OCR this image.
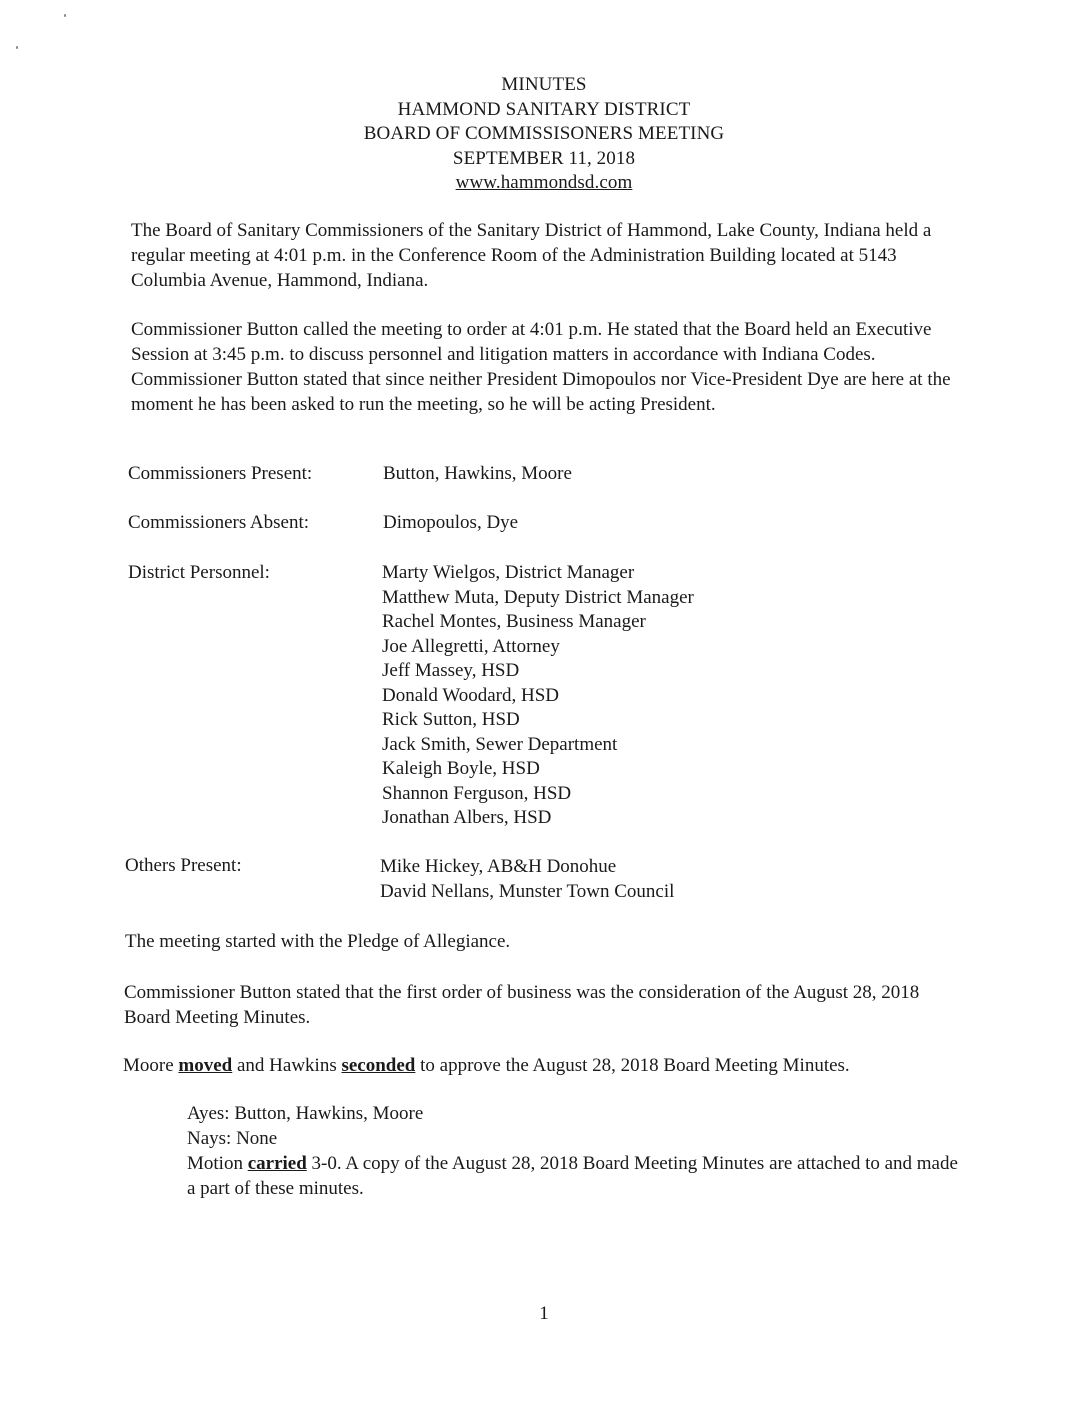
MINUTES
HAMMOND SANITARY DISTRICT
BOARD OF COMMISSISONERS MEETING
SEPTEMBER 11, 2018
www.hammondsd.com

The Board of Sanitary Commissioners of the Sanitary District of Hammond, Lake County, Indiana held a regular meeting at 4:01 p.m. in the Conference Room of the Administration Building located at 5143 Columbia Avenue, Hammond, Indiana.

Commissioner Button called the meeting to order at 4:01 p.m. He stated that the Board held an Executive Session at 3:45 p.m. to discuss personnel and litigation matters in accordance with Indiana Codes. Commissioner Button stated that since neither President Dimopoulos nor Vice-President Dye are here at the moment he has been asked to run the meeting, so he will be acting President.

Commissioners Present:	Button, Hawkins, Moore
Commissioners Absent:	Dimopoulos, Dye
District Personnel:	Marty Wielgos, District Manager
Matthew Muta, Deputy District Manager
Rachel Montes, Business Manager
Joe Allegretti, Attorney
Jeff Massey, HSD
Donald Woodard, HSD
Rick Sutton, HSD
Jack Smith, Sewer Department
Kaleigh Boyle, HSD
Shannon Ferguson, HSD
Jonathan Albers, HSD
Others Present:	Mike Hickey, AB&H Donohue
David Nellans, Munster Town Council

The meeting started with the Pledge of Allegiance.

Commissioner Button stated that the first order of business was the consideration of the August 28, 2018 Board Meeting Minutes.

Moore moved and Hawkins seconded to approve the August 28, 2018 Board Meeting Minutes.
Ayes: Button, Hawkins, Moore
Nays: None
Motion carried 3-0. A copy of the August 28, 2018 Board Meeting Minutes are attached to and made a part of these minutes.
1
